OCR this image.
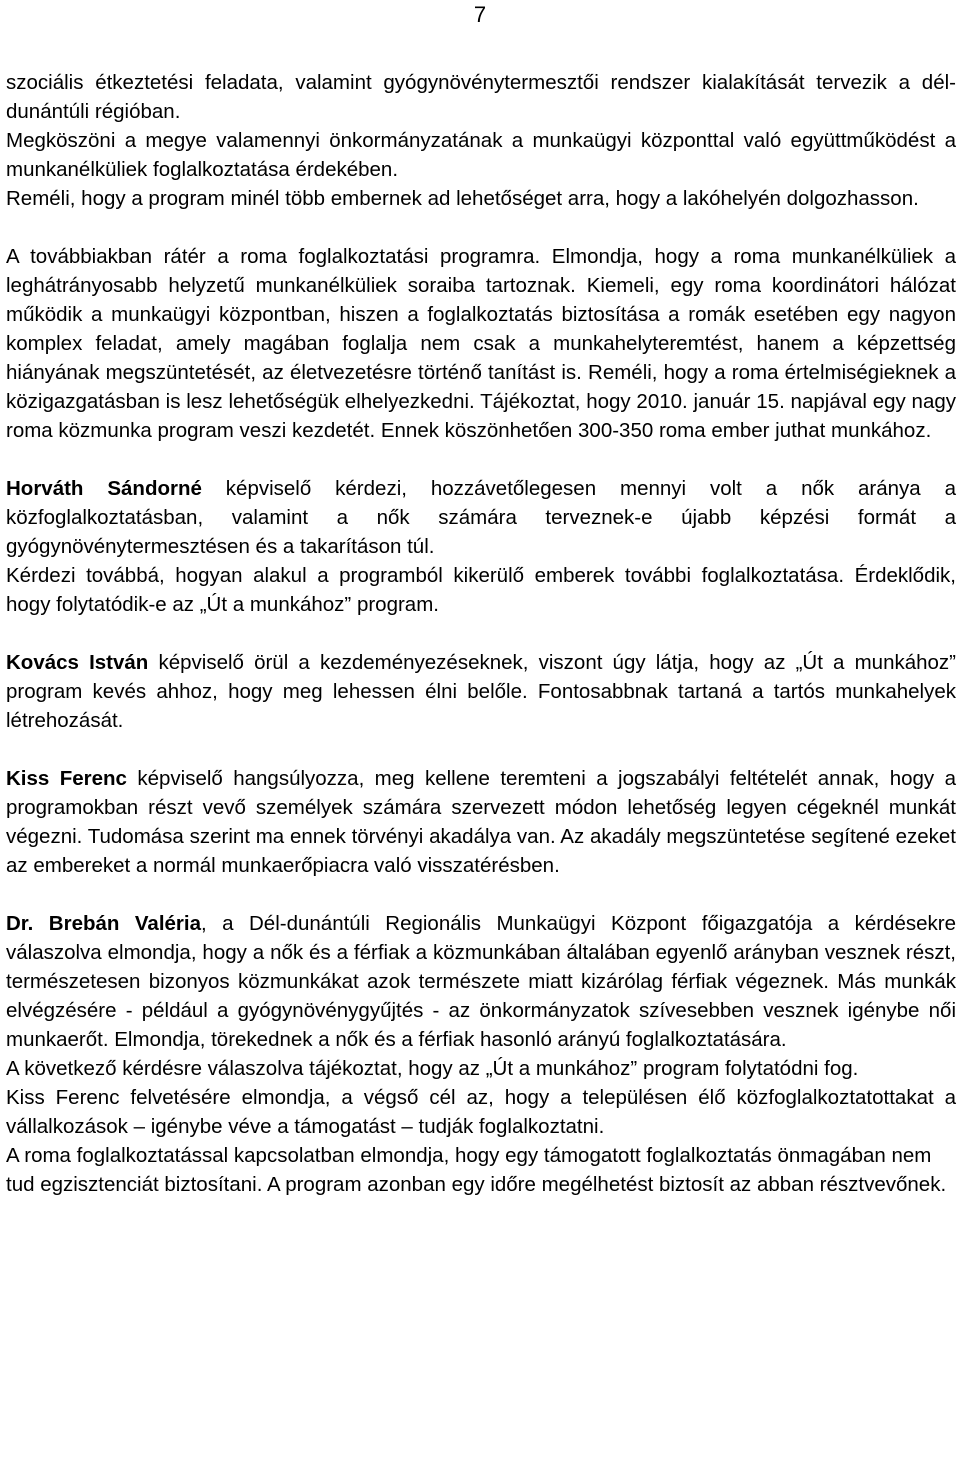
7

szociális étkeztetési feladata, valamint gyógynövénytermesztői rendszer kialakítását tervezik a dél-dunántúli régióban.

Megköszöni a megye valamennyi önkormányzatának a munkaügyi központtal való együttműködést a munkanélküliek foglalkoztatása érdekében.

Reméli, hogy a program minél több embernek ad lehetőséget arra, hogy a lakóhelyén dolgozhasson.

A továbbiakban rátér a roma foglalkoztatási programra. Elmondja, hogy a roma munkanélküliek a leghátrányosabb helyzetű munkanélküliek soraiba tartoznak. Kiemeli, egy roma koordinátori hálózat működik a munkaügyi központban, hiszen a foglalkoztatás biztosítása a romák esetében egy nagyon komplex feladat, amely magában foglalja nem csak a munkahelyteremtést, hanem a képzettség hiányának megszüntetését, az életvezetésre történő tanítást is. Reméli, hogy a roma értelmiségieknek a közigazgatásban is lesz lehetőségük elhelyezkedni. Tájékoztat, hogy 2010. január 15. napjával egy nagy roma közmunka program veszi kezdetét. Ennek köszönhetően 300-350 roma ember juthat munkához.

Horváth Sándorné képviselő kérdezi, hozzávetőlegesen mennyi volt a nők aránya a közfoglalkoztatásban, valamint a nők számára terveznek-e újabb képzési formát a gyógynövénytermesztésen és a takarításon túl.

Kérdezi továbbá, hogyan alakul a programból kikerülő emberek további foglalkoztatása. Érdeklődik, hogy folytatódik-e az „Út a munkához” program.

Kovács István képviselő örül a kezdeményezéseknek, viszont úgy látja, hogy az „Út a munkához” program kevés ahhoz, hogy meg lehessen élni belőle. Fontosabbnak tartaná a tartós munkahelyek létrehozását.

Kiss Ferenc képviselő hangsúlyozza, meg kellene teremteni a jogszabályi feltételét annak, hogy a programokban részt vevő személyek számára szervezett módon lehetőség legyen cégeknél munkát végezni. Tudomása szerint ma ennek törvényi akadálya van. Az akadály megszüntetése segítené ezeket az embereket a normál munkaerőpiacra való visszatérésben.

Dr. Brebán Valéria, a Dél-dunántúli Regionális Munkaügyi Központ főigazgatója a kérdésekre válaszolva elmondja, hogy a nők és a férfiak a közmunkában általában egyenlő arányban vesznek részt, természetesen bizonyos közmunkákat azok természete miatt kizárólag férfiak végeznek. Más munkák elvégzésére - például a gyógynövénygyűjtés - az önkormányzatok szívesebben vesznek igénybe női munkaerőt. Elmondja, törekednek a nők és a férfiak hasonló arányú foglalkoztatására.

A következő kérdésre válaszolva tájékoztat, hogy az „Út a munkához” program folytatódni fog.

Kiss Ferenc felvetésére elmondja, a végső cél az, hogy a településen élő közfoglalkoztatottakat a vállalkozások – igénybe véve a támogatást – tudják foglalkoztatni.

A roma foglalkoztatással kapcsolatban elmondja, hogy egy támogatott foglalkoztatás önmagában nem tud egzisztenciát biztosítani. A program azonban egy időre megélhetést biztosít az abban résztvevőnek.
